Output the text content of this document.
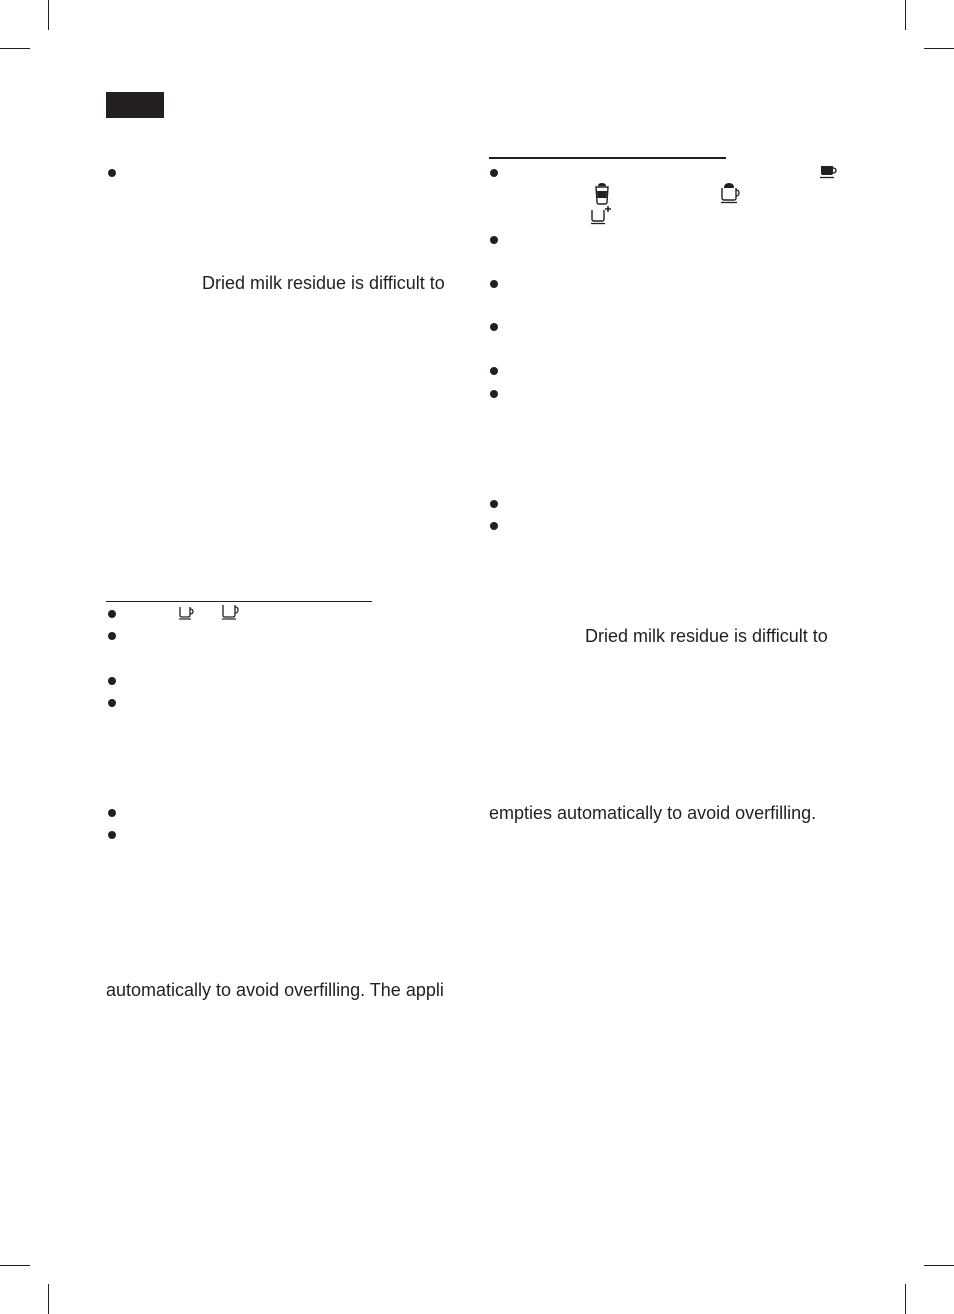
Dried milk residue is difficult to
automatically to avoid overfilling. The appli
Dried milk residue is difficult to
empties automatically to avoid overfilling.
